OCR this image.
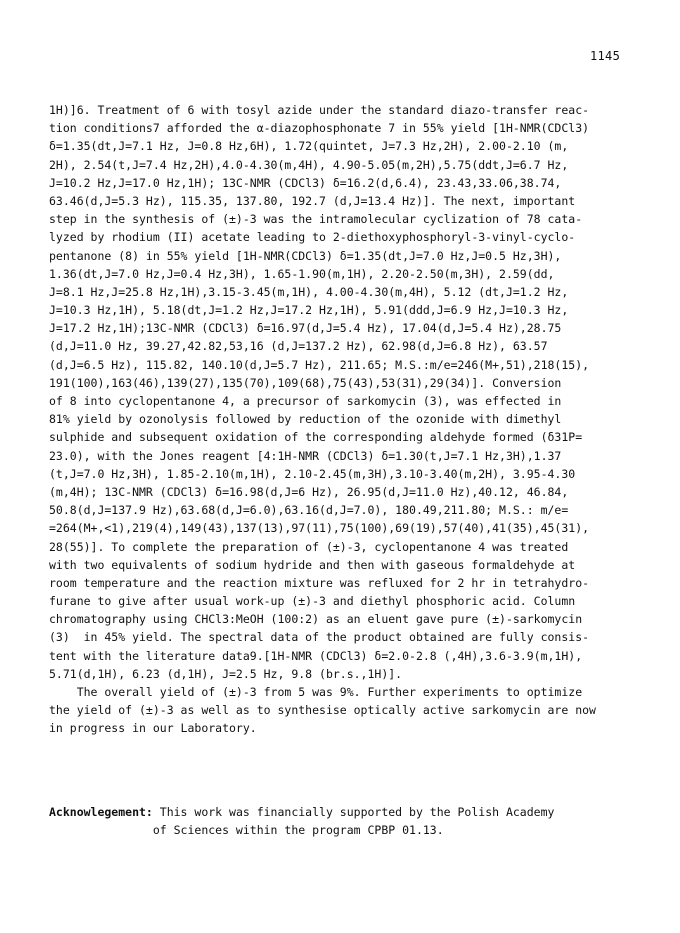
1145
1H)]6. Treatment of 6 with tosyl azide under the standard diazo-transfer reac-
tion conditions7 afforded the α-diazophosphonate 7 in 55% yield [1H-NMR(CDCl3)
δ=1.35(dt,J=7.1 Hz, J=0.8 Hz,6H), 1.72(quintet, J=7.3 Hz,2H), 2.00-2.10 (m,
2H), 2.54(t,J=7.4 Hz,2H),4.0-4.30(m,4H), 4.90-5.05(m,2H),5.75(ddt,J=6.7 Hz,
J=10.2 Hz,J=17.0 Hz,1H); 13C-NMR (CDCl3) δ=16.2(d,6.4), 23.43,33.06,38.74,
63.46(d,J=5.3 Hz), 115.35, 137.80, 192.7 (d,J=13.4 Hz)]. The next, important
step in the synthesis of (±)-3 was the intramolecular cyclization of 78 cata-
lyzed by rhodium (II) acetate leading to 2-diethoxyphosphoryl-3-vinyl-cyclo-
pentanone (8) in 55% yield [1H-NMR(CDCl3) δ=1.35(dt,J=7.0 Hz,J=0.5 Hz,3H),
1.36(dt,J=7.0 Hz,J=0.4 Hz,3H), 1.65-1.90(m,1H), 2.20-2.50(m,3H), 2.59(dd,
J=8.1 Hz,J=25.8 Hz,1H),3.15-3.45(m,1H), 4.00-4.30(m,4H), 5.12 (dt,J=1.2 Hz,
J=10.3 Hz,1H), 5.18(dt,J=1.2 Hz,J=17.2 Hz,1H), 5.91(ddd,J=6.9 Hz,J=10.3 Hz,
J=17.2 Hz,1H);13C-NMR (CDCl3) δ=16.97(d,J=5.4 Hz), 17.04(d,J=5.4 Hz),28.75
(d,J=11.0 Hz, 39.27,42.82,53,16 (d,J=137.2 Hz), 62.98(d,J=6.8 Hz), 63.57
(d,J=6.5 Hz), 115.82, 140.10(d,J=5.7 Hz), 211.65; M.S.:m/e=246(M+,51),218(15),
191(100),163(46),139(27),135(70),109(68),75(43),53(31),29(34)]. Conversion
of 8 into cyclopentanone 4, a precursor of sarkomycin (3), was effected in
81% yield by ozonolysis followed by reduction of the ozonide with dimethyl
sulphide and subsequent oxidation of the corresponding aldehyde formed (δ31P=
23.0), with the Jones reagent [4:1H-NMR (CDCl3) δ=1.30(t,J=7.1 Hz,3H),1.37
(t,J=7.0 Hz,3H), 1.85-2.10(m,1H), 2.10-2.45(m,3H),3.10-3.40(m,2H), 3.95-4.30
(m,4H); 13C-NMR (CDCl3) δ=16.98(d,J=6 Hz), 26.95(d,J=11.0 Hz),40.12, 46.84,
50.8(d,J=137.9 Hz),63.68(d,J=6.0),63.16(d,J=7.0), 180.49,211.80; M.S.: m/e=
=264(M+,<1),219(4),149(43),137(13),97(11),75(100),69(19),57(40),41(35),45(31),
28(55)]. To complete the preparation of (±)-3, cyclopentanone 4 was treated
with two equivalents of sodium hydride and then with gaseous formaldehyde at
room temperature and the reaction mixture was refluxed for 2 hr in tetrahydro-
furane to give after usual work-up (±)-3 and diethyl phosphoric acid. Column
chromatography using CHCl3:MeOH (100:2) as an eluent gave pure (±)-sarkomycin
(3)  in 45% yield. The spectral data of the product obtained are fully consis-
tent with the literature data9.[1H-NMR (CDCl3) δ=2.0-2.8 (,4H),3.6-3.9(m,1H),
5.71(d,1H), 6.23 (d,1H), J=2.5 Hz, 9.8 (br.s.,1H)].
The overall yield of (±)-3 from 5 was 9%. Further experiments to optimize
the yield of (±)-3 as well as to synthesise optically active sarkomycin are now
in progress in our Laboratory.
Acknowlegement: This work was financially supported by the Polish Academy
of Sciences within the program CPBP 01.13.
